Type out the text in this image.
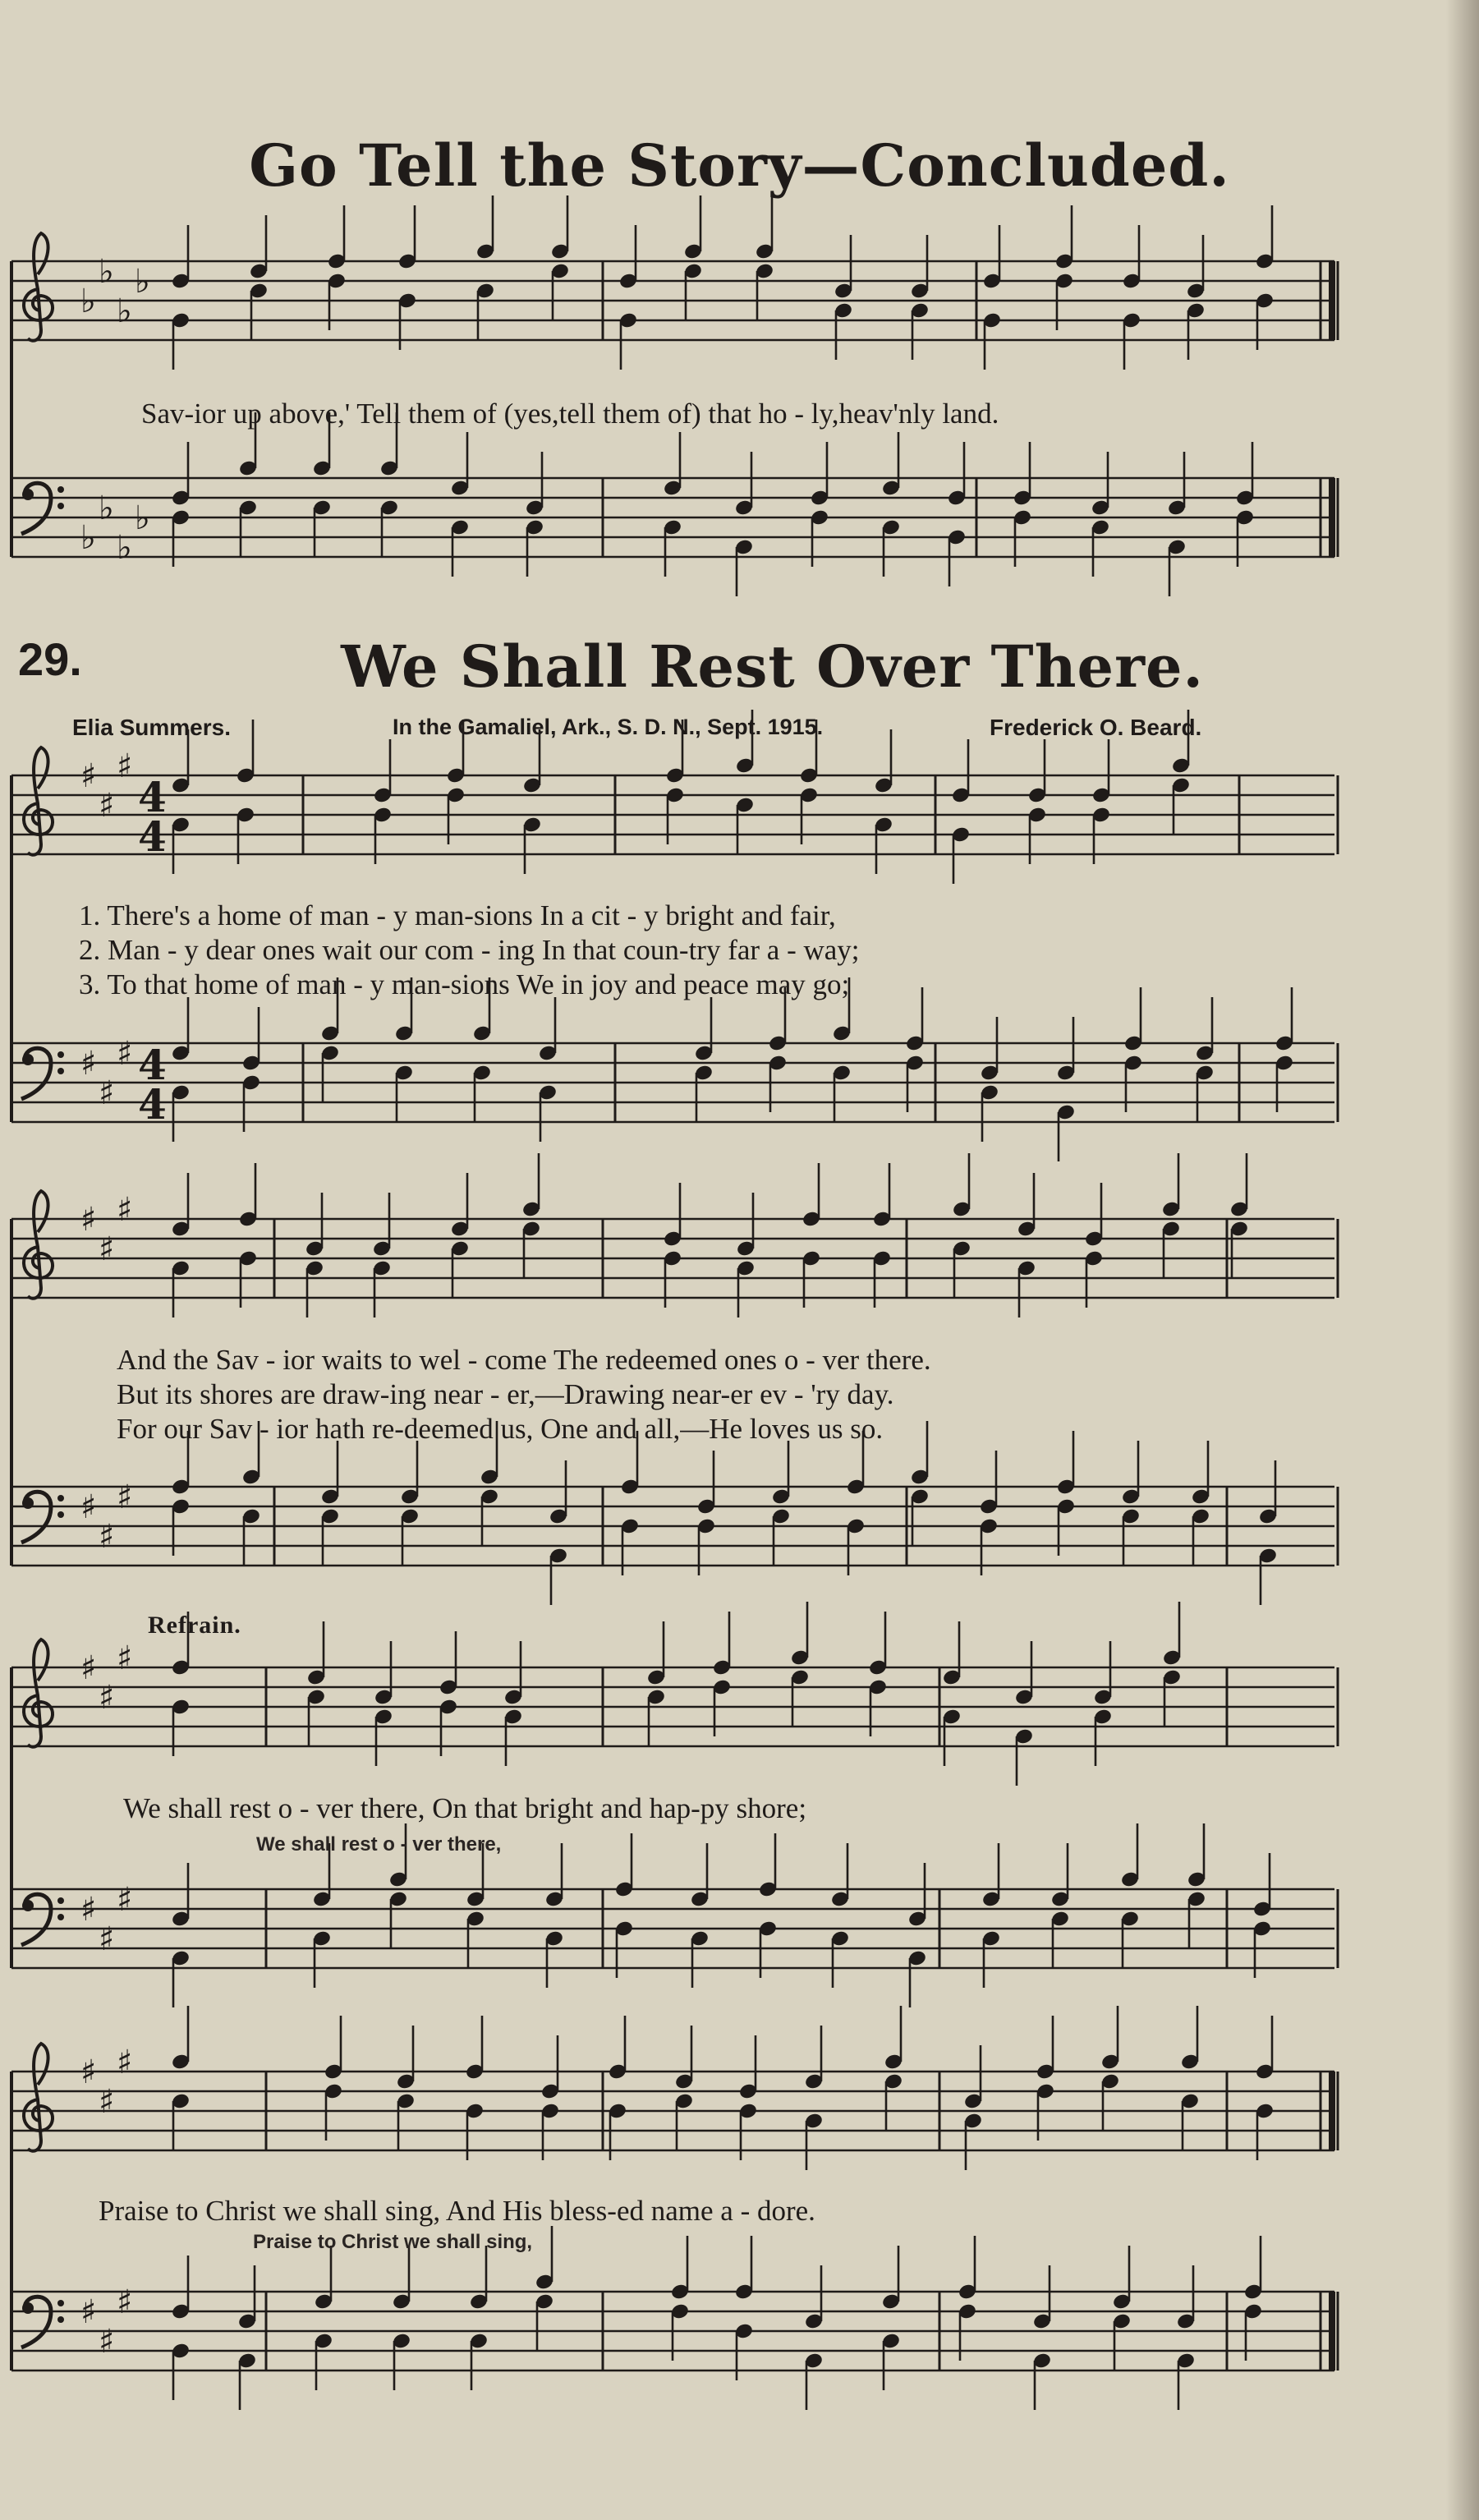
Go Tell the Story—Concluded.
♭
♭
♭
♭
♭
♭
♭
♭
♯
♯
♯
4
4
♯
♯
♯ 4
4
♯
♯
♯
♯
♯
♯
♯
♯
♯
♯
♯
♯
♯
♯
♯
♯
♯
♯
Sav-ior up above,' Tell them of (yes,tell them of) that ho - ly,heav'nly land.
29.	We Shall Rest Over There.
Elia Summers.	In the Gamaliel, Ark., S. D. N., Sept. 1915.	Frederick O. Beard.
1. There's a home of man - y man-sions In a cit - y bright and fair,
2. Man - y dear ones wait our com - ing In that coun-try far a - way;
3. To that home of man - y man-sions We in joy and peace may go;
And the Sav - ior waits to wel - come The redeemed ones o - ver there.
But its shores are draw-ing near - er,—Drawing near-er ev - 'ry day.
For our Sav - ior hath re-deemed us, One and all,—He loves us so.
Refrain.
We shall rest o - ver there, On that bright and hap-py shore;
We shall rest o - ver there,
Praise to Christ we shall sing, And His bless-ed name a - dore.
Praise to Christ we shall sing,
